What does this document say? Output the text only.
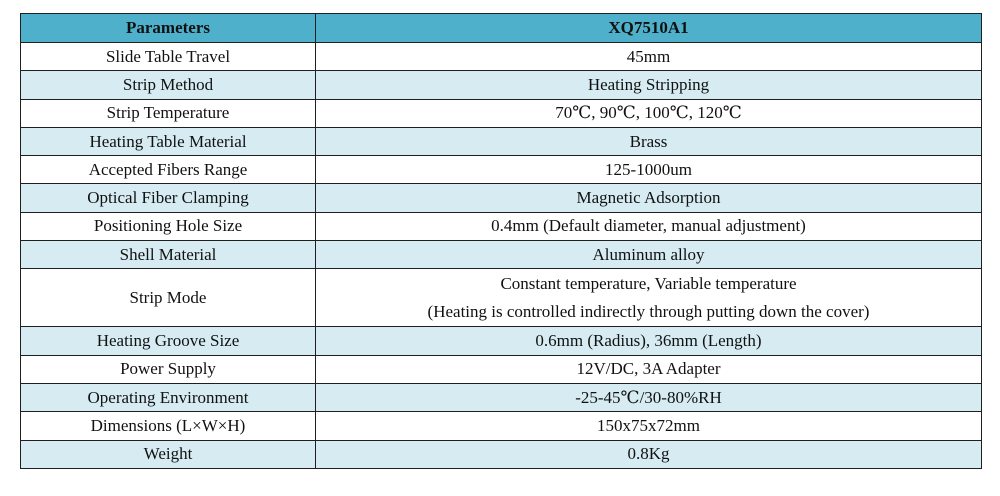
Parameters	XQ7510A1
Slide Table Travel	45mm
Strip Method	Heating Stripping
Strip Temperature	70℃, 90℃, 100℃, 120℃
Heating Table Material	Brass
Accepted Fibers Range	125-1000um
Optical Fiber Clamping	Magnetic Adsorption
Positioning Hole Size	0.4mm (Default diameter, manual adjustment)
Shell Material	Aluminum alloy
Strip Mode	Constant temperature, Variable temperature
(Heating is controlled indirectly through putting down the cover)

Heating Groove Size	0.6mm (Radius), 36mm (Length)
Power Supply	12V/DC, 3A Adapter
Operating Environment	-25-45℃/30-80%RH
Dimensions (L×W×H)	150x75x72mm
Weight	0.8Kg
